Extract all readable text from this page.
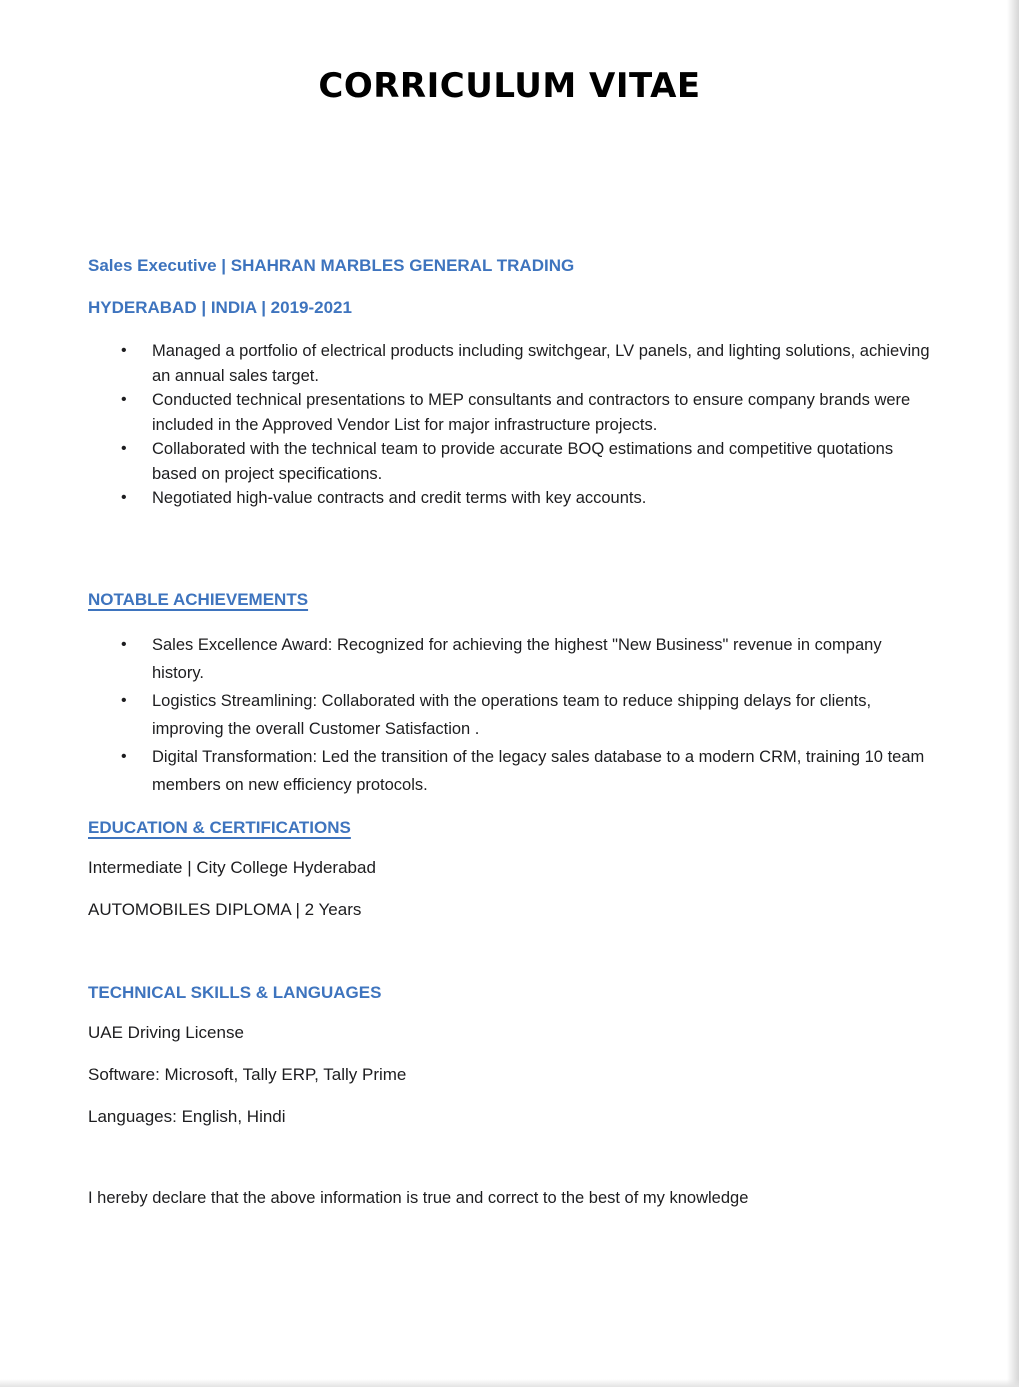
CORRICULUM VITAE

Sales Executive | SHAHRAN MARBLES GENERAL TRADING

HYDERABAD | INDIA | 2019-2021

• Managed a portfolio of electrical products including switchgear, LV panels, and lighting solutions, achieving an annual sales target.
• Conducted technical presentations to MEP consultants and contractors to ensure company brands were included in the Approved Vendor List for major infrastructure projects.
• Collaborated with the technical team to provide accurate BOQ estimations and competitive quotations based on project specifications.
• Negotiated high-value contracts and credit terms with key accounts.
NOTABLE ACHIEVEMENTS
• Sales Excellence Award: Recognized for achieving the highest "New Business" revenue in company history.
• Logistics Streamlining: Collaborated with the operations team to reduce shipping delays for clients, improving the overall Customer Satisfaction .
• Digital Transformation: Led the transition of the legacy sales database to a modern CRM, training 10 team members on new efficiency protocols.
EDUCATION & CERTIFICATIONS

Intermediate | City College Hyderabad

AUTOMOBILES DIPLOMA | 2 Years

TECHNICAL SKILLS & LANGUAGES

UAE Driving License

Software: Microsoft, Tally ERP, Tally Prime

Languages: English, Hindi

I hereby declare that the above information is true and correct to the best of my knowledge
